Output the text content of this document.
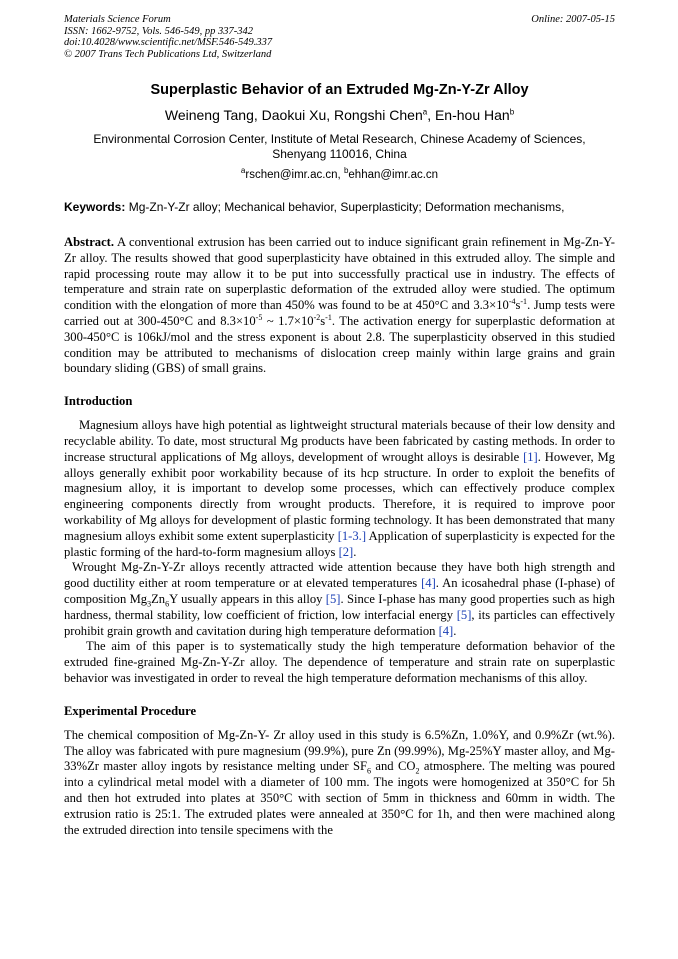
Materials Science Forum
ISSN: 1662-9752, Vols. 546-549, pp 337-342
doi:10.4028/www.scientific.net/MSF.546-549.337
© 2007 Trans Tech Publications Ltd, Switzerland
Online: 2007-05-15
Superplastic Behavior of an Extruded Mg-Zn-Y-Zr Alloy
Weineng Tang, Daokui Xu, Rongshi Chen$^a$, En-hou Han$^b$
Environmental Corrosion Center, Institute of Metal Research, Chinese Academy of Sciences,
Shenyang 110016, China
$^a$rschen@imr.ac.cn, $^b$ehhan@imr.ac.cn
Keywords: Mg-Zn-Y-Zr alloy; Mechanical behavior, Superplasticity; Deformation mechanisms,

Abstract. A conventional extrusion has been carried out to induce significant grain refinement in Mg-Zn-Y-Zr alloy. The results showed that good superplasticity have obtained in this extruded alloy. The simple and rapid processing route may allow it to be put into successfully practical use in industry. The effects of temperature and strain rate on superplastic deformation of the extruded alloy were studied. The optimum condition with the elongation of more than 450% was found to be at 450°C and $3.3\times 10^{-4}s^{-1}$. Jump tests were carried out at 300-450°C and $8.3\times 10^{-5}$ ~ $1.7\times 10^{-2}s^{-1}$. The activation energy for superplastic deformation at 300-450°C is 106kJ/mol and the stress exponent is about 2.8. The superplasticity observed in this studied condition may be attributed to mechanisms of dislocation creep mainly within large grains and grain boundary sliding (GBS) of small grains.

Introduction

Magnesium alloys have high potential as lightweight structural materials because of their low density and recyclable ability. To date, most structural Mg products have been fabricated by casting methods. In order to increase structural applications of Mg alloys, development of wrought alloys is desirable [1]. However, Mg alloys generally exhibit poor workability because of its hcp structure. In order to exploit the benefits of magnesium alloy, it is important to develop some processes, which can effectively produce complex engineering components directly from wrought products. Therefore, it is required to improve poor workability of Mg alloys for development of plastic forming technology. It has been demonstrated that many magnesium alloys exhibit some extent superplasticity [1-3.] Application of superplasticity is expected for the plastic forming of the hard-to-form magnesium alloys [2].

Wrought Mg-Zn-Y-Zr alloys recently attracted wide attention because they have both high strength and good ductility either at room temperature or at elevated temperatures [4]. An icosahedral phase (I-phase) of composition $Mg_3Zn_6Y$ usually appears in this alloy [5]. Since I-phase has many good properties such as high hardness, thermal stability, low coefficient of friction, low interfacial energy [5], its particles can effectively prohibit grain growth and cavitation during high temperature deformation [4].

The aim of this paper is to systematically study the high temperature deformation behavior of the extruded fine-grained Mg-Zn-Y-Zr alloy. The dependence of temperature and strain rate on superplastic behavior was investigated in order to reveal the high temperature deformation mechanisms of this alloy.

Experimental Procedure

The chemical composition of Mg-Zn-Y- Zr alloy used in this study is 6.5%Zn, 1.0%Y, and 0.9%Zr (wt.%). The alloy was fabricated with pure magnesium (99.9%), pure Zn (99.99%), Mg-25%Y master alloy, and Mg-33%Zr master alloy ingots by resistance melting under $SF_6$ and $CO_2$ atmosphere. The melting was poured into a cylindrical metal model with a diameter of 100 mm. The ingots were homogenized at 350°C for 5h and then hot extruded into plates at 350°C with section of 5mm in thickness and 60mm in width. The extrusion ratio is 25:1. The extruded plates were annealed at 350°C for 1h, and then were machined along the extruded direction into tensile specimens with the
